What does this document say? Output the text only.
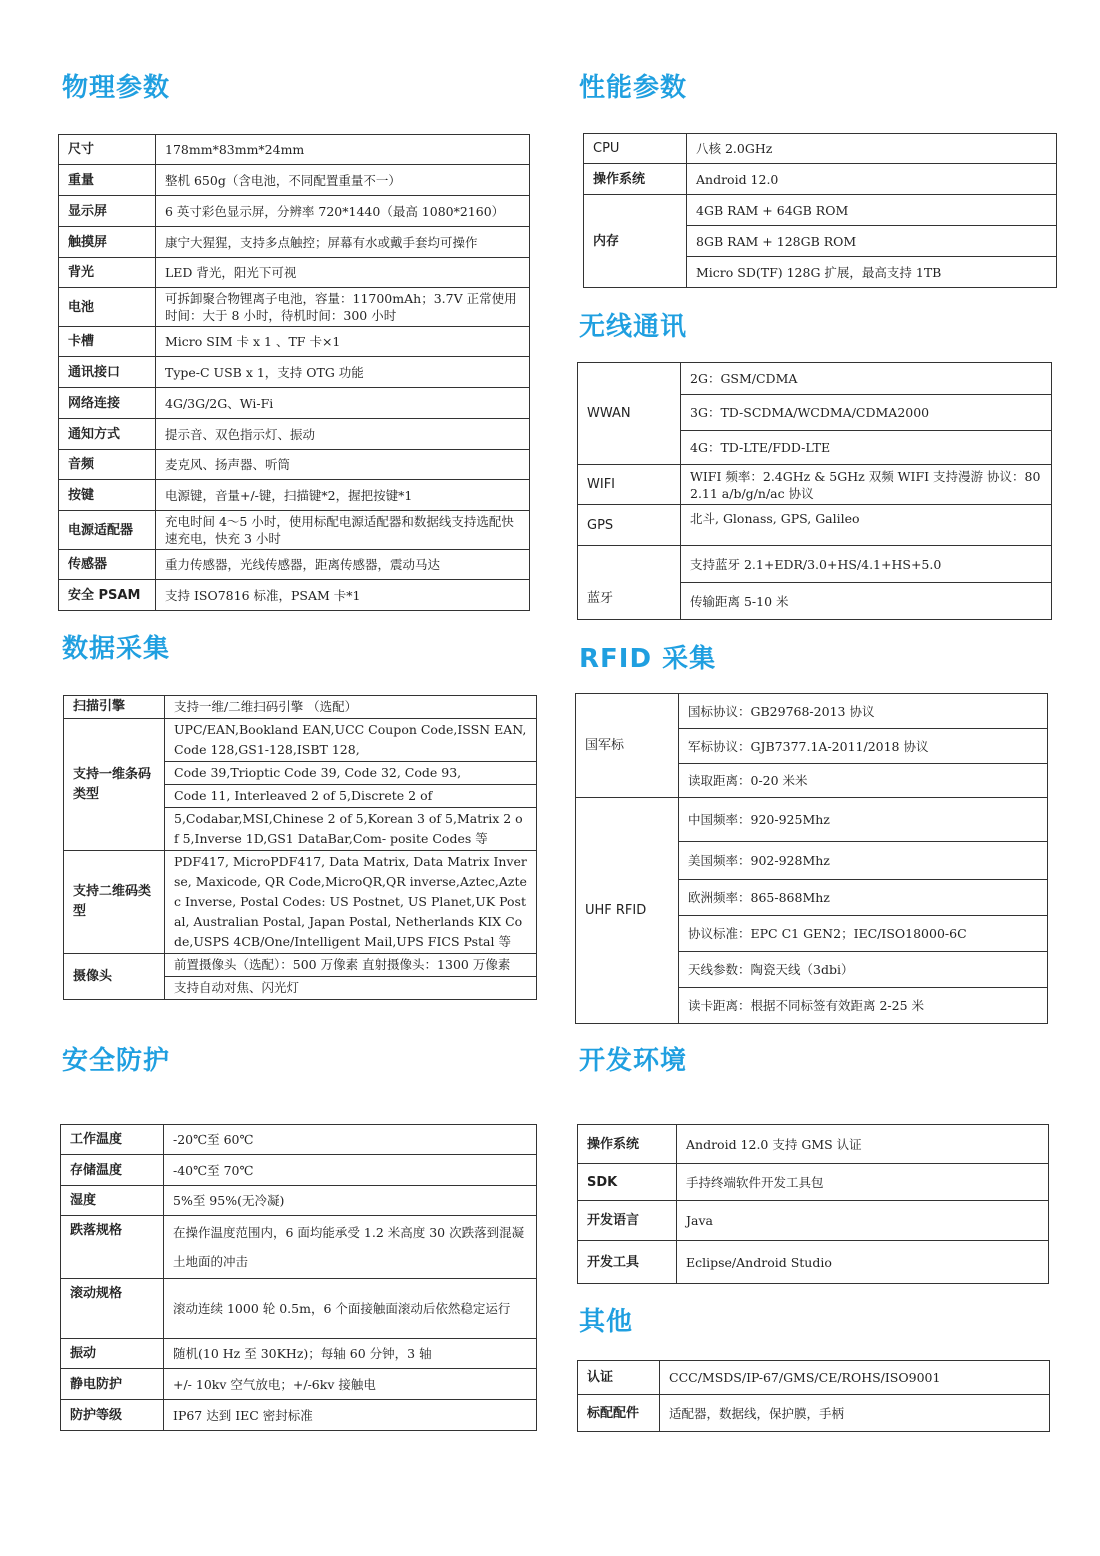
物理参数
尺寸	178mm*83mm*24mm
重量	整机 650g（含电池，不同配置重量不一）
显示屏	6 英寸彩色显示屏，分辨率 720*1440（最高 1080*2160）
触摸屏	康宁大猩猩，支持多点触控；屏幕有水或戴手套均可操作
背光	LED 背光，阳光下可视
电池	可拆卸聚合物锂离子电池，容量：11700mAh；3.7V 正常使用时间：大于 8 小时，待机时间：300 小时
卡槽	Micro SIM 卡 x 1 、TF 卡×1
通讯接口	Type-C USB x 1，支持 OTG 功能
网络连接	4G/3G/2G、Wi-Fi
通知方式	提示音、双色指示灯、振动
音频	麦克风、扬声器、听筒
按键	电源键，音量+/-键，扫描键*2，握把按键*1
电源适配器	充电时间 4～5 小时，使用标配电源适配器和数据线支持选配快速充电，快充 3 小时
传感器	重力传感器，光线传感器，距离传感器，震动马达
安全 PSAM	支持 ISO7816 标准，PSAM 卡*1
数据采集
扫描引擎	支持一维/二维扫码引擎 （选配）
支持一维条码类型	UPC/EAN,Bookland EAN,UCC Coupon Code,ISSN EAN, Code 128,GS1-128,ISBT 128,
	Code 39,Trioptic Code 39, Code 32, Code 93,
	Code 11, Interleaved 2 of 5,Discrete 2 of
	5,Codabar,MSI,Chinese 2 of 5,Korean 3 of 5,Matrix 2 of 5,Inverse 1D,GS1 DataBar,Com- posite Codes 等
支持二维码类型	PDF417, MicroPDF417, Data Matrix, Data Matrix Inverse, Maxicode, QR Code,MicroQR,QR inverse,Aztec,Aztec Inverse, Postal Codes: US Postnet, US Planet,UK Postal, Australian Postal, Japan Postal, Netherlands KIX Code,USPS 4CB/One/Intelligent Mail,UPS FICS Pstal 等
摄像头	前置摄像头（选配）：500 万像素 直射摄像头：1300 万像素
	支持自动对焦、闪光灯
安全防护
工作温度	-20℃至 60℃
存储温度	-40℃至 70℃
湿度	5%至 95%(无冷凝)
跌落规格	在操作温度范围内，6 面均能承受 1.2 米高度 30 次跌落到混凝土地面的冲击
滚动规格	滚动连续 1000 轮 0.5m，6 个面接触面滚动后依然稳定运行
振动	随机(10 Hz 至 30KHz)；每轴 60 分钟，3 轴
静电防护	+/- 10kv 空气放电；+/-6kv 接触电
防护等级	IP67 达到 IEC 密封标准
性能参数
CPU	八核 2.0GHz
操作系统	Android 12.0
内存	4GB RAM + 64GB ROM
	8GB RAM + 128GB ROM
	Micro SD(TF) 128G 扩展，最高支持 1TB
无线通讯
WWAN	2G：GSM/CDMA
	3G：TD-SCDMA/WCDMA/CDMA2000
	4G：TD-LTE/FDD-LTE
WIFI	WIFI 频率：2.4GHz & 5GHz 双频 WIFI 支持漫游 协议：802.11 a/b/g/n/ac 协议
GPS	北斗, Glonass, GPS, Galileo
蓝牙	支持蓝牙 2.1+EDR/3.0+HS/4.1+HS+5.0
	传输距离 5-10 米
RFID 采集
国军标	国标协议：GB29768-2013 协议
	军标协议：GJB7377.1A-2011/2018 协议
	读取距离：0-20 米米
UHF RFID	中国频率：920-925Mhz
	美国频率：902-928Mhz
	欧洲频率：865-868Mhz
	协议标准：EPC C1 GEN2；IEC/ISO18000-6C
	天线参数：陶瓷天线（3dbi）
	读卡距离：根据不同标签有效距离 2-25 米
开发环境
操作系统	Android 12.0 支持 GMS 认证
SDK	手持终端软件开发工具包
开发语言	Java
开发工具	Eclipse/Android Studio
其他
认证	CCC/MSDS/IP-67/GMS/CE/ROHS/ISO9001
标配配件	适配器，数据线，保护膜，手柄
